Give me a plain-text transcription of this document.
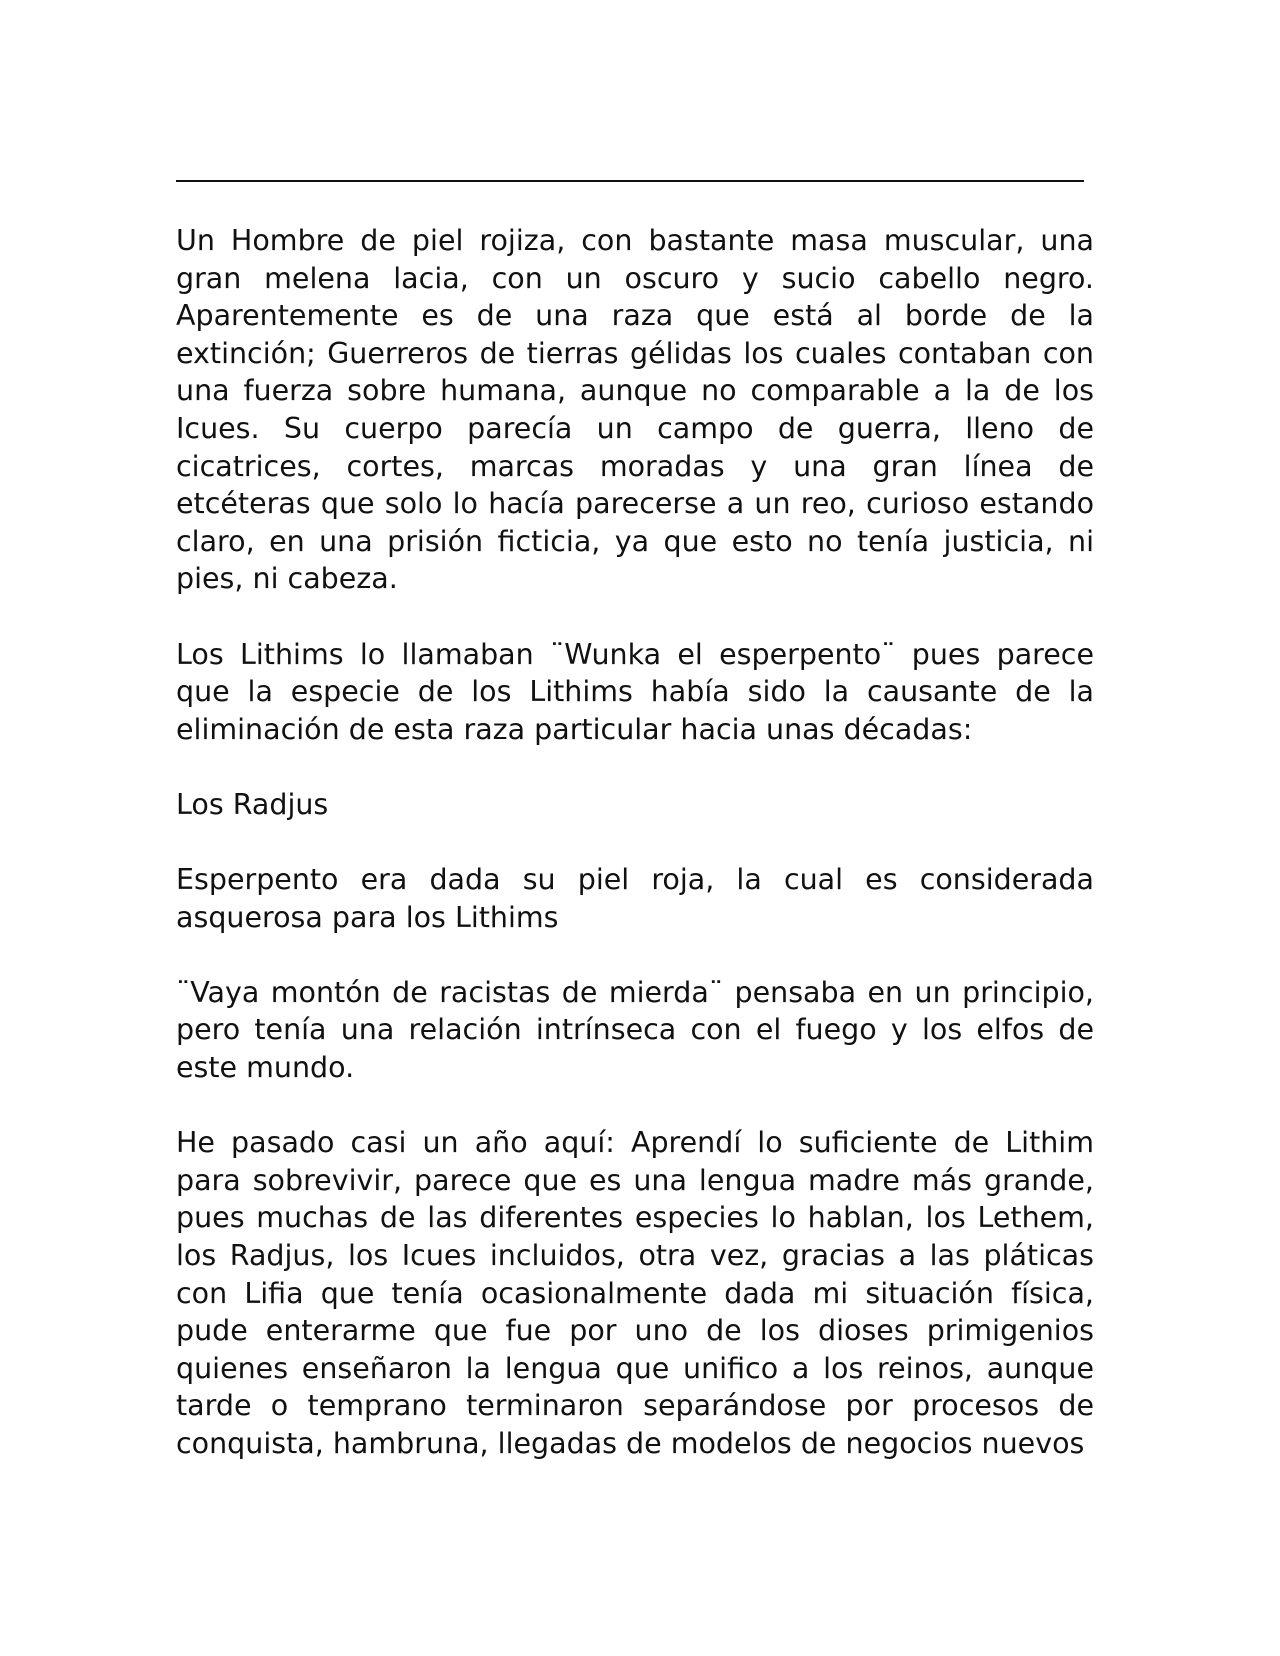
Un Hombre de piel rojiza, con bastante masa muscular, una gran melena lacia, con un oscuro y sucio cabello negro. Aparentemente es de una raza que está al borde de la extinción; Guerreros de tierras gélidas los cuales contaban con una fuerza sobre humana, aunque no comparable a la de los Icues. Su cuerpo parecía un campo de guerra, lleno de cicatrices, cortes, marcas moradas y una gran línea de etcéteras que solo lo hacía parecerse a un reo, curioso estando claro, en una prisión ficticia, ya que esto no tenía justicia, ni pies, ni cabeza.

Los Lithims lo llamaban ¨Wunka el esperpento¨ pues parece que la especie de los Lithims había sido la causante de la eliminación de esta raza particular hacia unas décadas:

Los Radjus

Esperpento era dada su piel roja, la cual es considerada asquerosa para los Lithims

¨Vaya montón de racistas de mierda¨ pensaba en un principio, pero tenía una relación intrínseca con el fuego y los elfos de este mundo.

He pasado casi un año aquí: Aprendí lo suficiente de Lithim para sobrevivir, parece que es una lengua madre más grande, pues muchas de las diferentes especies lo hablan, los Lethem, los Radjus, los Icues incluidos, otra vez, gracias a las pláticas con Lifia que tenía ocasionalmente dada mi situación física, pude enterarme que fue por uno de los dioses primigenios quienes enseñaron la lengua que unifico a los reinos, aunque tarde o temprano terminaron separándose por procesos de conquista, hambruna, llegadas de modelos de negocios nuevos
